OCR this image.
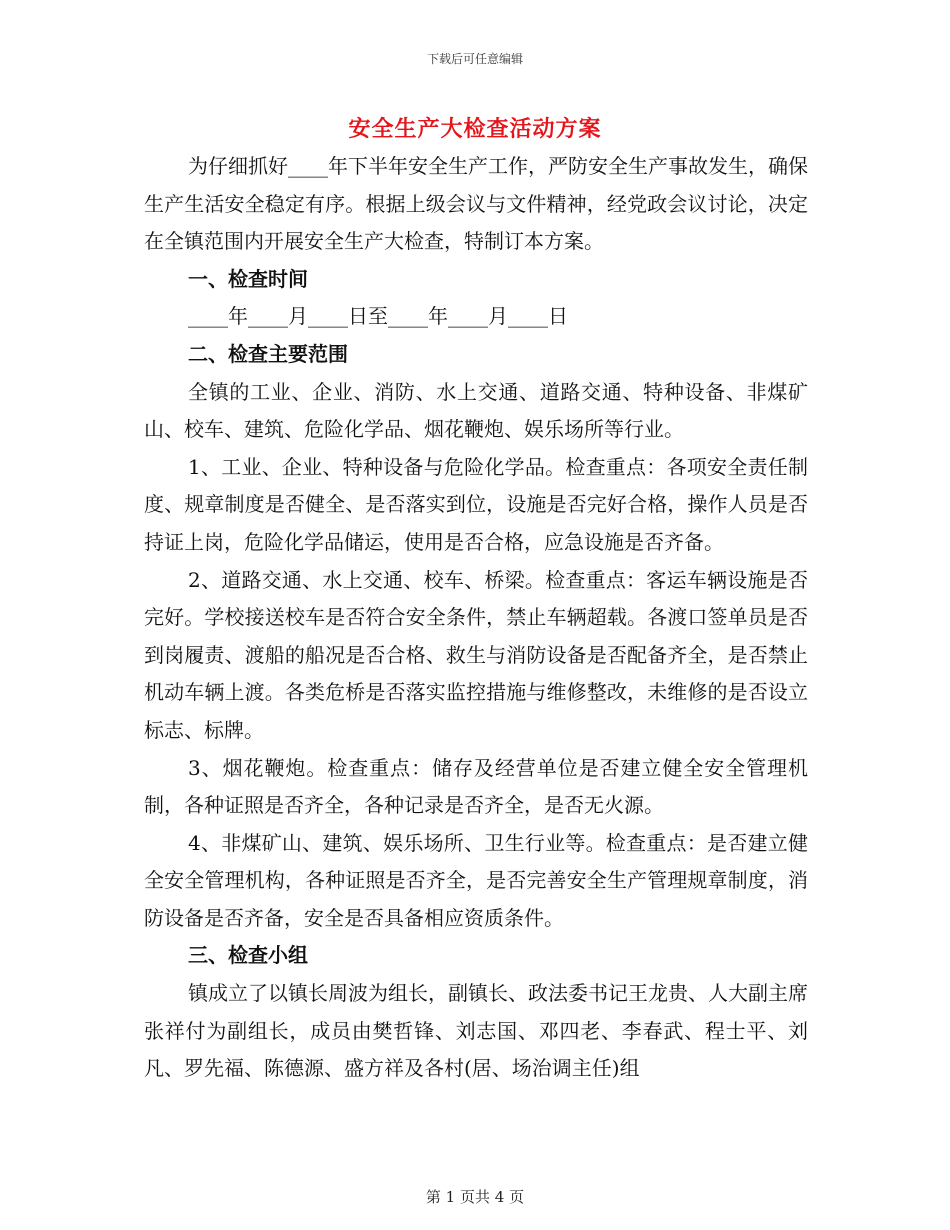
下载后可任意编辑
安全生产大检查活动方案

为仔细抓好____年下半年安全生产工作，严防安全生产事故发生，确保生产生活安全稳定有序。根据上级会议与文件精神，经党政会议讨论，决定在全镇范围内开展安全生产大检查，特制订本方案。

一、检查时间

____年____月____日至____年____月____日

二、检查主要范围

全镇的工业、企业、消防、水上交通、道路交通、特种设备、非煤矿山、校车、建筑、危险化学品、烟花鞭炮、娱乐场所等行业。

1、工业、企业、特种设备与危险化学品。检查重点：各项安全责任制度、规章制度是否健全、是否落实到位，设施是否完好合格，操作人员是否持证上岗，危险化学品储运，使用是否合格，应急设施是否齐备。

2、道路交通、水上交通、校车、桥梁。检查重点：客运车辆设施是否完好。学校接送校车是否符合安全条件，禁止车辆超载。各渡口签单员是否到岗履责、渡船的船况是否合格、救生与消防设备是否配备齐全，是否禁止机动车辆上渡。各类危桥是否落实监控措施与维修整改，未维修的是否设立标志、标牌。

3、烟花鞭炮。检查重点：储存及经营单位是否建立健全安全管理机制，各种证照是否齐全，各种记录是否齐全，是否无火源。

4、非煤矿山、建筑、娱乐场所、卫生行业等。检查重点：是否建立健全安全管理机构，各种证照是否齐全，是否完善安全生产管理规章制度，消防设备是否齐备，安全是否具备相应资质条件。

三、检查小组

镇成立了以镇长周波为组长，副镇长、政法委书记王龙贵、人大副主席张祥付为副组长，成员由樊哲锋、刘志国、邓四老、李春武、程士平、刘凡、罗先福、陈德源、盛方祥及各村(居、场治调主任)组

第 1 页共 4 页
